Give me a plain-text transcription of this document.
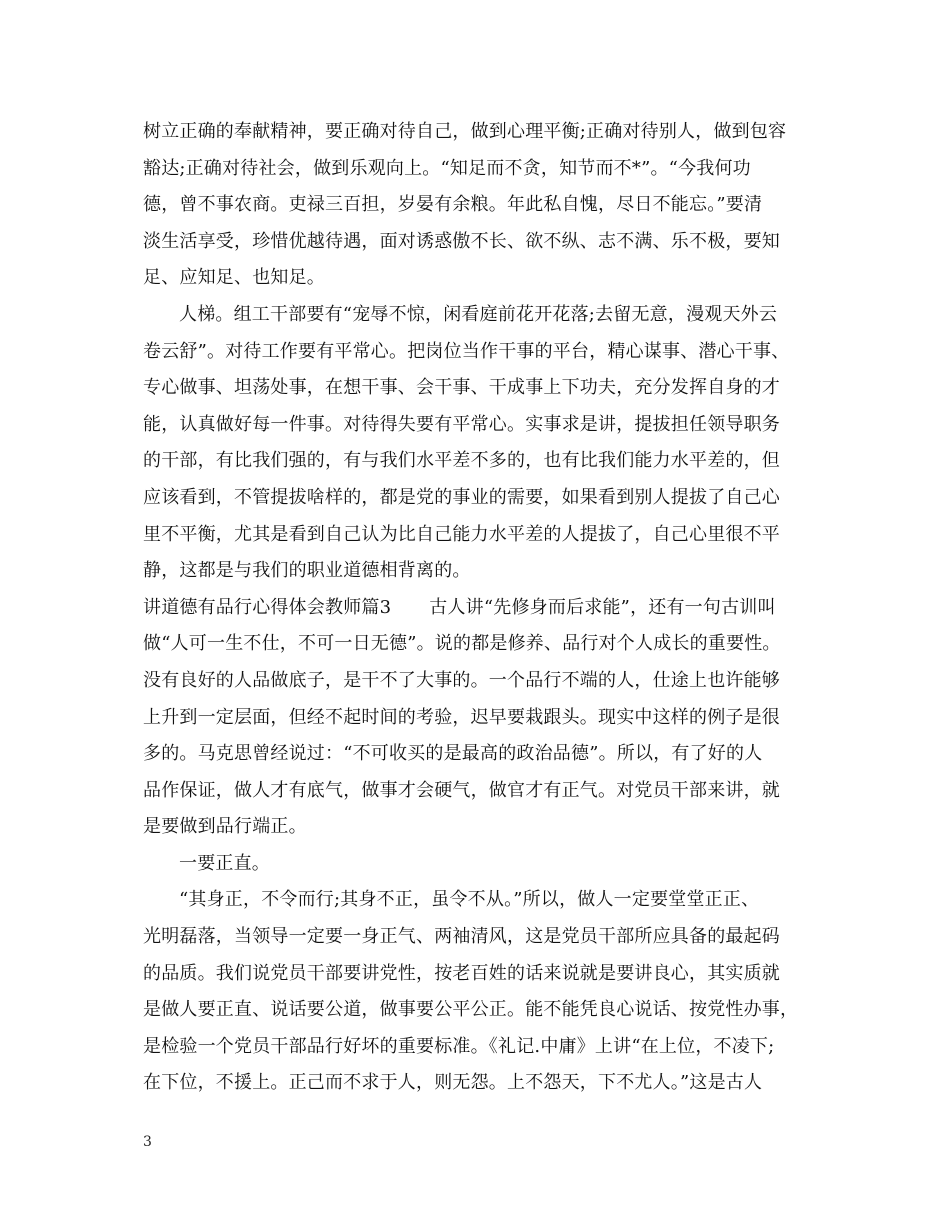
树立正确的奉献精神，要正确对待自己，做到心理平衡;正确对待别人，做到包容
豁达;正确对待社会，做到乐观向上。“知足而不贪，知节而不*”。“今我何功
德，曾不事农商。吏禄三百担，岁晏有余粮。年此私自愧，尽日不能忘。”要清
淡生活享受，珍惜优越待遇，面对诱惑傲不长、欲不纵、志不满、乐不极，要知
足、应知足、也知足。
人梯。组工干部要有“宠辱不惊，闲看庭前花开花落;去留无意，漫观天外云
卷云舒”。对待工作要有平常心。把岗位当作干事的平台，精心谋事、潜心干事、
专心做事、坦荡处事，在想干事、会干事、干成事上下功夫，充分发挥自身的才
能，认真做好每一件事。对待得失要有平常心。实事求是讲，提拔担任领导职务
的干部，有比我们强的，有与我们水平差不多的，也有比我们能力水平差的，但
应该看到，不管提拔啥样的，都是党的事业的需要，如果看到别人提拔了自己心
里不平衡，尤其是看到自己认为比自己能力水平差的人提拔了，自己心里很不平
静，这都是与我们的职业道德相背离的。
讲道德有品行心得体会教师篇3 古人讲“先修身而后求能”，还有一句古训叫
做“人可一生不仕，不可一日无德”。说的都是修养、品行对个人成长的重要性。
没有良好的人品做底子，是干不了大事的。一个品行不端的人，仕途上也许能够
上升到一定层面，但经不起时间的考验，迟早要栽跟头。现实中这样的例子是很
多的。马克思曾经说过：“不可收买的是最高的政治品德”。所以，有了好的人
品作保证，做人才有底气，做事才会硬气，做官才有正气。对党员干部来讲，就
是要做到品行端正。
一要正直。
“其身正，不令而行;其身不正，虽令不从。”所以，做人一定要堂堂正正、
光明磊落，当领导一定要一身正气、两袖清风，这是党员干部所应具备的最起码
的品质。我们说党员干部要讲党性，按老百姓的话来说就是要讲良心，其实质就
是做人要正直、说话要公道，做事要公平公正。能不能凭良心说话、按党性办事，
是检验一个党员干部品行好坏的重要标准。《礼记.中庸》上讲“在上位，不凌下;
在下位，不援上。正己而不求于人，则无怨。上不怨天，下不尤人。”这是古人
3
